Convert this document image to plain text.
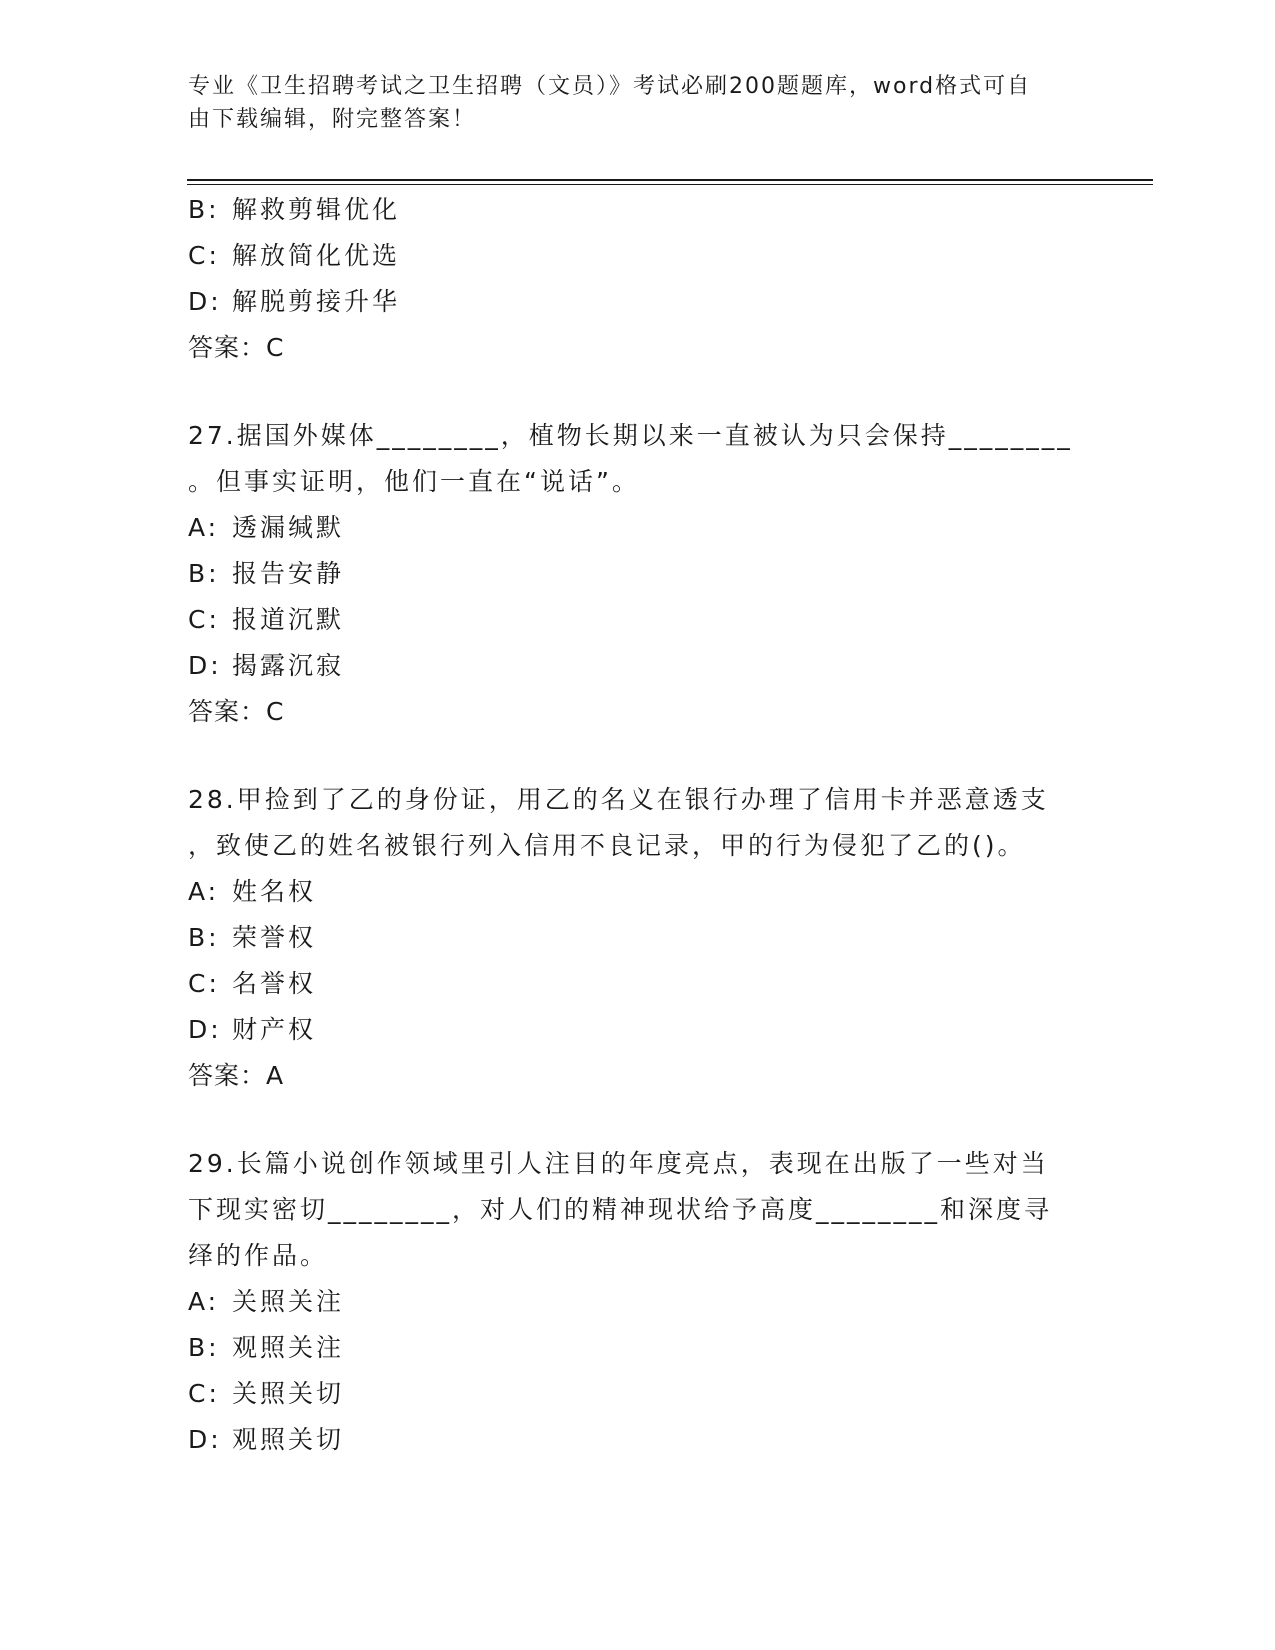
专业《卫生招聘考试之卫生招聘（文员）》考试必刷200题题库，word格式可自
由下载编辑，附完整答案！
B: 解救剪辑优化
C: 解放简化优选
D: 解脱剪接升华
答案：C
27.据国外媒体________，植物长期以来一直被认为只会保持________
。但事实证明，他们一直在“说话”。
A: 透漏缄默
B: 报告安静
C: 报道沉默
D: 揭露沉寂
答案：C
28.甲捡到了乙的身份证，用乙的名义在银行办理了信用卡并恶意透支
，致使乙的姓名被银行列入信用不良记录，甲的行为侵犯了乙的()。
A: 姓名权
B: 荣誉权
C: 名誉权
D: 财产权
答案：A
29.长篇小说创作领域里引人注目的年度亮点，表现在出版了一些对当
下现实密切________，对人们的精神现状给予高度________和深度寻
绎的作品。
A: 关照关注
B: 观照关注
C: 关照关切
D: 观照关切
